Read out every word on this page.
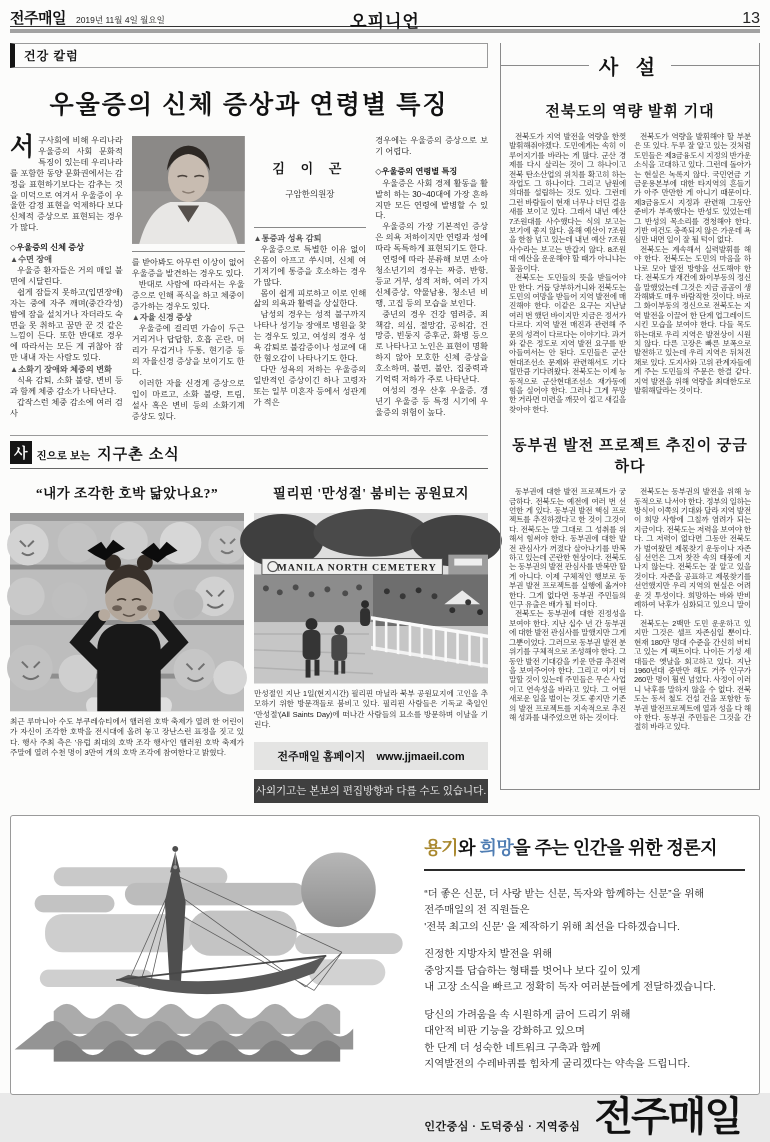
전주매일 2019년 11월 4일 월요일	오피니언	13
건강 칼럼
우울증의 신체 증상과 연령별 특징

서구사회에 비해 우리나라 우울증의 사회 문화적 특징이 있는데 우리나라를 포함한 동양 문화권에서는 감정을 표현하기보다는 감추는 것을 미덕으로 여겨서 우울증이 우울한 감정 표현을 억제하다 보다 신체적 증상으로 표현되는 경우가 많다.

◇우울증의 신체 증상

▲수면 장애

우울증 환자들은 거의 매일 불면에 시달린다.

쉽게 잠들지 못하고(입면장애) 자는 중에 자주 깨며(중간각성) 밤에 잠을 설치거나 자더라도 숙면을 못 취하고 꿈만 꾼 것 같은 느낌이 든다. 또한 반대로 경우에 따라서는 모든 게 귀찮아 잠만 내내 자는 사람도 있다.

▲소화기 장애와 체중의 변화

식욕 감퇴, 소화 불량, 변비 등과 함께 체중 감소가 나타난다.

갑작스런 체중 감소에 여러 검사

를 받아봐도 아무런 이상이 없어 우울증을 발견하는 경우도 있다.

반대로 사람에 따라서는 우울증으로 인해 폭식을 하고 체중이 증가하는 경우도 있다.

▲자율 신경 증상

우울증에 걸리면 가슴이 두근거리거나 답답함, 호흡 곤란, 머리가 무겁거나 두통, 현기증 등의 자율신경 증상을 보이기도 한다.

이러한 자율 신경계 증상으로 입이 마르고, 소화 불량, 트림, 설사 혹은 변비 등의 소화기계 증상도 있다.

김 이 곤
구암한의원장

▲통증과 성욕 감퇴

우울증으로 특별한 이유 없이 온몸이 아프고 쑤시며, 신체 여기저기에 통증을 호소하는 경우가 많다.

몸이 쉽게 피로하고 이로 인해 삶의 의욕과 활력을 상실한다.

남성의 경우는 성적 불구까지 나타나 성기능 장애로 병원을 찾는 경우도 있고, 여성의 경우 성욕 감퇴로 불감증이나 성교에 대한 혐오감이 나타나기도 한다.

다만 성욕의 저하는 우울증의 일반적인 증상이긴 하나 고령자 또는 일부 미혼자 등에서 성관계가 적은

경우에는 우울증의 증상으로 보기 어렵다.

◇우울증의 연령별 특징

우울증은 사회 경제 활동을 활발히 하는 30~40대에 가장 흔하지만 모든 연령에 발병할 수 있다.

우울증의 가장 기본적인 증상은 의욕 저하이지만 연령과 성에 따라 독특하게 표현되기도 한다.

연령에 따라 분류해 보면 소아청소년기의 경우는 짜증, 반항, 등교 거부, 성적 저하, 여러 가지 신체증상, 약물남용, 청소년 비행, 고집 등의 모습을 보인다.

중년의 경우 건강 염려증, 죄책감, 의심, 절망감, 공허감, 건망증, 빈둥지 증후군, 화병 등으로 나타나고 노인은 표현이 명확하지 않아 모호한 신체 증상을 호소하며, 불면, 불안, 집중력과 기억력 저하가 주로 나타난다.

여성의 경우 산후 우울증, 갱년기 우울증 등 특정 시기에 우울증의 위험이 높다.

사 진으로 보는 지구촌 소식
“내가 조각한 호박 닮았나요?”
최근 루마니아 수도 부쿠레슈티에서 핼러윈 호박 축제가 열려 한 어린이가 자신이 조각한 호박을 전시대에 올려 놓고 장난스런 표정을 짓고 있다. 행사 주최 측은 '유럽 최대의 호박 조각 행사'인 핼러윈 호박 축제가 주말에 열려 수천 명이 3만여 개의 호박 조각에 참여한다고 밝혔다.
필리핀 '만성절' 붐비는 공원묘지
MANILA NORTH CEMETERY
만성절인 지난 1일(현지시간) 필리핀 마닐라 북부 공원묘지에 고인을 추모하기 위한 방문객들로 붐비고 있다. 필리핀 사람들은 기독교 축일인 '만성절'(All Saints Day)에 떠나간 사람들의 묘소를 방문하며 이날을 기린다.
전주매일 홈페이지 www.jjmaeil.com
사외기고는 본보의 편집방향과 다를 수도 있습니다.
사 설
전북도의 역량 발휘 기대

전북도가 지역 발전을 역량을 한껏 발휘해줘야겠다. 도민에게는 속히 이루어지기를 바라는 게 많다. 군산 경제를 다시 살리는 것이 그 하나이고 전북 탄소산업의 위치를 확고히 하는 작업도 그 하나이다. 그리고 남원에 의대를 설립하는 것도 있다. 그런데 그런 바람들이 현재 너무나 더딘 걸음새를 보이고 있다. 그래서 내년 예산 7조원대를 사수했다는 식의 보고는 보기에 좋지 않다. 올해 예산이 7조원을 한참 넘고 있는데 내년 예산 7조원 사수라는 보고는 반갑지 않다. 8조원대 예산을 운운해야 할 때가 아니냐는 물음이다.

전북도는 도민들의 뜻을 받들어야만 한다. 거듭 당부하거니와 전북도는 도민의 여망을 받들어 지역 발전에 매진해야 한다. 이같은 요구는 지난날 여러 번 했던 바이지만 지금은 정서가 다르다. 지역 발전 매진과 관련해 주문의 성격이 다르다는 이야기다. 과거와 같은 정도로 지역 발전 요구를 받아들여서는 안 된다. 도민들은 군산 현대조선소 문제와 관련해서도 기다릴만큼 기다려왔다. 전북도는 이제 능동적으로 군산현대조선소 재가동에 힘을 실어야 한다. 그러나 그게 무망한 거라면 미련을 깨끗이 접고 새길을 찾아야 한다.

전북도가 역량을 발휘해야 할 부분은 또 있다. 두루 잘 알고 있는 것처럼 도민들은 제3금융도시 지정의 반가운 소식을 고대하고 있다. 그런데 돌아가는 현실은 녹록지 않다. 국민연금 기금운용본부에 대한 타지역의 흔들기가 아주 만만한 게 아니기 때문이다. 제3금융도시 지정과 관련해 그동안 준비가 부족했다는 반성도 있었는데 그 반성의 목소리를 경청해야 한다. 기반 여건도 충족되지 않은 가운데 욕심만 내면 일이 잘 될 턱이 없다.

전북도는 계속해서 실력발휘를 해야 한다. 전북도는 도민의 마음을 하나로 모아 발전 방향을 선도해야 한다. 전북도가 재건에 화이부동의 정신을 말했었는데 그것은 지금 곰곰이 생각해봐도 매우 바람직한 것이다. 바로 그 화이부동의 정신으로 전북도는 지역 발전을 이끌어 한 단계 업그레이드시킨 모습을 보여야 한다. 다들 목도하는대로 우리 지역은 발전상이 시원치 않다. 다른 고장은 빠른 보폭으로 발전하고 있는데 우리 지역은 뒤처진 채로 있다. 도지사와 고위 관계자들에게 주는 도민들의 주문은 한결 같다. 지역 발전을 위해 역량을 최대한도로 발휘해달라는 것이다.

동부권 발전 프로젝트 추진이 궁금하다

동부권에 대한 발전 프로젝트가 궁금하다. 전북도는 예전에 여러 번 선언한 게 있다. 동부권 발전 핵심 프로젝트를 추진하겠다고 한 것이 그것이다. 전북도는 말 그대로 그 성취를 위해서 힘써야 한다. 동부권에 대한 발전 관심사가 꺼졌다 살아나기를 반복하고 있는데 곤란한 현상이다. 전북도는 동부권의 발전 관심사를 반복만 할 게 아니다. 이제 구체적인 행보로 동부권 발전 프로젝트를 실행에 옮겨야 한다. 그게 없다면 동부권 주민들의 인구 유출은 배가 될 터이다.

전북도는 동부권에 대한 진정성을 보여야 한다. 지난 십수 년 간 동부권에 대한 발전 관심사를 말했지만 그게 그뿐이었다. 그러므로 동부권 발전 분위기를 구체적으로 조성해야 한다. 그동안 발전 기대감을 키운 만큼 추진력을 보여주어야 한다. 그리고 여기 더 말할 것이 있는데 주민들은 무슨 사업이고 연속성을 바라고 있다. 그 어떤 새로운 일을 벌이는 것도 좋지만 기존의 발전 프로젝트를 지속적으로 추진해 성과를 내주었으면 하는 것이다.

전북도는 동부권의 발전을 위해 능동적으로 나서야 한다. 정부의 일하는 방식이 이쪽의 기대와 달라 지역 발전이 희망 사항에 그칠까 염려가 되는 지금이다. 전북도는 저력을 보여야 한다. 그 저력이 없다면 그동안 전북도가 벌여왔던 제몫찾기 운동이나 자존심 선언은 그저 찻잔 속의 태풍에 지나지 않는다. 전북도는 잘 알고 있을 것이다. 자존을 공표하고 제몫찾기를 선언했지만 우리 지역의 현실은 어려운 것 투성이다. 희망하는 바와 반비례하여 낙후가 심화되고 있으니 말이다.

전북도는 2백만 도민 운운하고 있지만 그것은 셀프 자존심일 뿐이다. 현재 180만 명대 수준을 간신히 버티고 있는 게 팩트이다. 나이든 기성 세대들은 옛날을 회고하고 있다. 지난 1960년대 중반만 해도 거주 인구가 260만 명이 훨씬 넘었다. 사정이 이러니 낙후를 말하지 않을 수 없다. 전북도는 동서 철도 건설 건을 포함한 동부권 발전프로젝트에 열과 성을 다 해야 한다. 동부권 주민들은 그것을 간절히 바라고 있다.

용기와 희망을 주는 인간을 위한 정론지
“더 좋은 신문, 더 사랑 받는 신문, 독자와 함께하는 신문”을 위해
전주매일의 전 직원들은
'전북 최고의 신문' 을 제작하기 위해 최선을 다하겠습니다.
진정한 지방자치 발전을 위해
중앙지를 답습하는 형태를 벗어나 보다 깊이 있게
내 고장 소식을 빠르고 정확히 독자 여러분들에게 전달하겠습니다.
당신의 가려움을 속 시원하게 긁어 드리기 위해
대안적 비판 기능을 강화하고 있으며
한 단계 더 성숙한 네트워크 구축과 함께
지역발전의 수레바퀴를 힘차게 굴리겠다는 약속을 드립니다.
인간중심 · 도덕중심 · 지역중심 전주매일
